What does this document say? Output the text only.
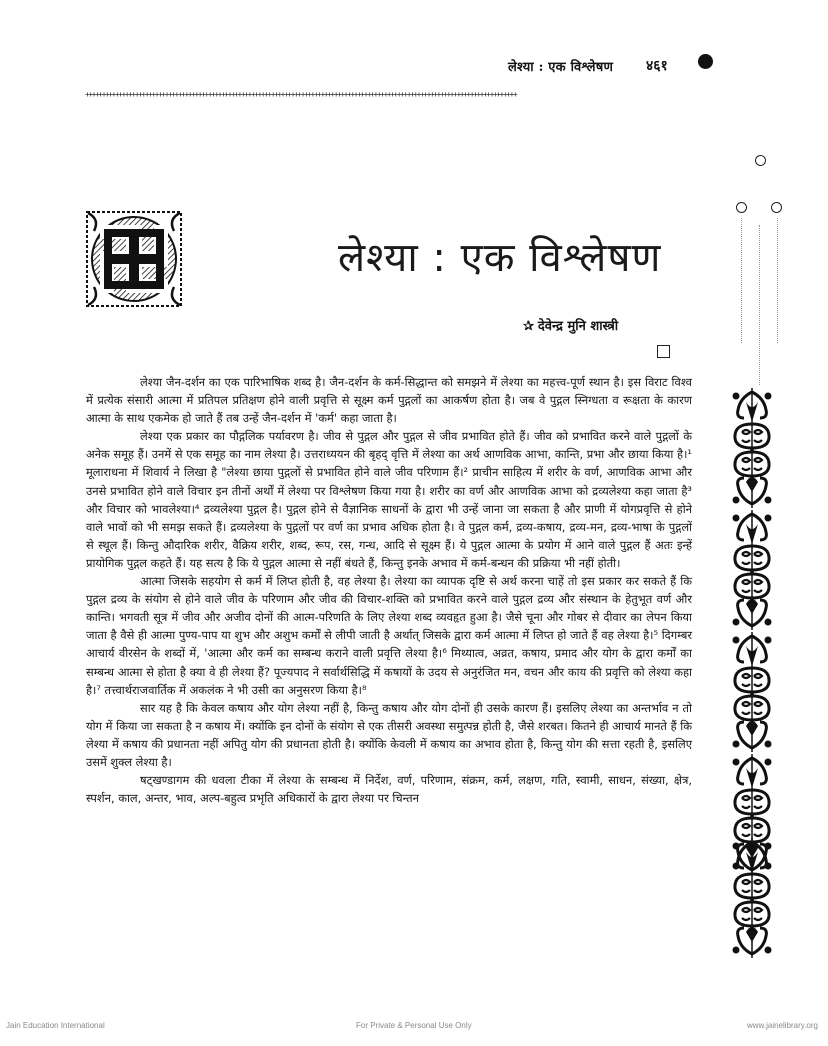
लेश्या : एक विश्लेषण ४६१
++++++++++++++++++++++++++++++++++++++++++++++++++++++++++++++++++++++++++++++++++++++++++++++++++++++++++++++++++++++++++++++++++
लेश्या : एक विश्लेषण
✰ देवेन्द्र मुनि शास्त्री

लेश्या जैन-दर्शन का एक पारिभाषिक शब्द है। जैन-दर्शन के कर्म-सिद्धान्त को समझने में लेश्या का महत्त्व-पूर्ण स्थान है। इस विराट विश्व में प्रत्येक संसारी आत्मा में प्रतिपल प्रतिक्षण होने वाली प्रवृत्ति से सूक्ष्म कर्म पुद्गलों का आकर्षण होता है। जब वे पुद्गल स्निग्धता व रूक्षता के कारण आत्मा के साथ एकमेक हो जाते हैं तब उन्हें जैन-दर्शन में 'कर्म' कहा जाता है।

लेश्या एक प्रकार का पौद्गलिक पर्यावरण है। जीव से पुद्गल और पुद्गल से जीव प्रभावित होते हैं। जीव को प्रभावित करने वाले पुद्गलों के अनेक समूह हैं। उनमें से एक समूह का नाम लेश्या है। उत्तराध्ययन की बृहद् वृत्ति में लेश्या का अर्थ आणविक आभा, कान्ति, प्रभा और छाया किया है।¹ मूलाराधना में शिवार्य ने लिखा है "लेश्या छाया पुद्गलों से प्रभावित होने वाले जीव परिणाम हैं।² प्राचीन साहित्य में शरीर के वर्ण, आणविक आभा और उनसे प्रभावित होने वाले विचार इन तीनों अर्थों में लेश्या पर विश्लेषण किया गया है। शरीर का वर्ण और आणविक आभा को द्रव्यलेश्या कहा जाता है³ और विचार को भावलेश्या।⁴ द्रव्यलेश्या पुद्गल है। पुद्गल होने से वैज्ञानिक साधनों के द्वारा भी उन्हें जाना जा सकता है और प्राणी में योगप्रवृत्ति से होने वाले भावों को भी समझ सकते हैं। द्रव्यलेश्या के पुद्गलों पर वर्ण का प्रभाव अधिक होता है। वे पुद्गल कर्म, द्रव्य-कषाय, द्रव्य-मन, द्रव्य-भाषा के पुद्गलों से स्थूल हैं। किन्तु औदारिक शरीर, वैक्रिय शरीर, शब्द, रूप, रस, गन्ध, आदि से सूक्ष्म हैं। ये पुद्गल आत्मा के प्रयोग में आने वाले पुद्गल हैं अतः इन्हें प्रायोगिक पुद्गल कहते हैं। यह सत्य है कि ये पुद्गल आत्मा से नहीं बंधते हैं, किन्तु इनके अभाव में कर्म-बन्धन की प्रक्रिया भी नहीं होती।

आत्मा जिसके सहयोग से कर्म में लिप्त होती है, वह लेश्या है। लेश्या का व्यापक दृष्टि से अर्थ करना चाहें तो इस प्रकार कर सकते हैं कि पुद्गल द्रव्य के संयोग से होने वाले जीव के परिणाम और जीव की विचार-शक्ति को प्रभावित करने वाले पुद्गल द्रव्य और संस्थान के हेतुभूत वर्ण और कान्ति। भगवती सूत्र में जीव और अजीव दोनों की आत्म-परिणति के लिए लेश्या शब्द व्यवहृत हुआ है। जैसे चूना और गोबर से दीवार का लेपन किया जाता है वैसे ही आत्मा पुण्य-पाप या शुभ और अशुभ कर्मों से लीपी जाती है अर्थात् जिसके द्वारा कर्म आत्मा में लिप्त हो जाते हैं वह लेश्या है।⁵ दिगम्बर आचार्य वीरसेन के शब्दों में, 'आत्मा और कर्म का सम्बन्ध कराने वाली प्रवृत्ति लेश्या है।⁶ मिथ्यात्व, अव्रत, कषाय, प्रमाद और योग के द्वारा कर्मों का सम्बन्ध आत्मा से होता है क्या वे ही लेश्या हैं? पूज्यपाद ने सर्वार्थसिद्धि में कषायों के उदय से अनुरंजित मन, वचन और काय की प्रवृत्ति को लेश्या कहा है।⁷ तत्त्वार्थराजवार्तिक में अकलंक ने भी उसी का अनुसरण किया है।⁸

सार यह है कि केवल कषाय और योग लेश्या नहीं है, किन्तु कषाय और योग दोनों ही उसके कारण हैं। इसलिए लेश्या का अन्तर्भाव न तो योग में किया जा सकता है न कषाय में। क्योंकि इन दोनों के संयोग से एक तीसरी अवस्था समुत्पन्न होती है, जैसे शरबत। कितने ही आचार्य मानते हैं कि लेश्या में कषाय की प्रधानता नहीं अपितु योग की प्रधानता होती है। क्योंकि केवली में कषाय का अभाव होता है, किन्तु योग की सत्ता रहती है, इसलिए उसमें शुक्ल लेश्या है।

षट्खण्डागम की धवला टीका में लेश्या के सम्बन्ध में निर्देश, वर्ण, परिणाम, संक्रम, कर्म, लक्षण, गति, स्वामी, साधन, संख्या, क्षेत्र, स्पर्शन, काल, अन्तर, भाव, अल्प-बहुत्व प्रभृति अधिकारों के द्वारा लेश्या पर चिन्तन

Jain Education International	For Private & Personal Use Only	www.jainelibrary.org
